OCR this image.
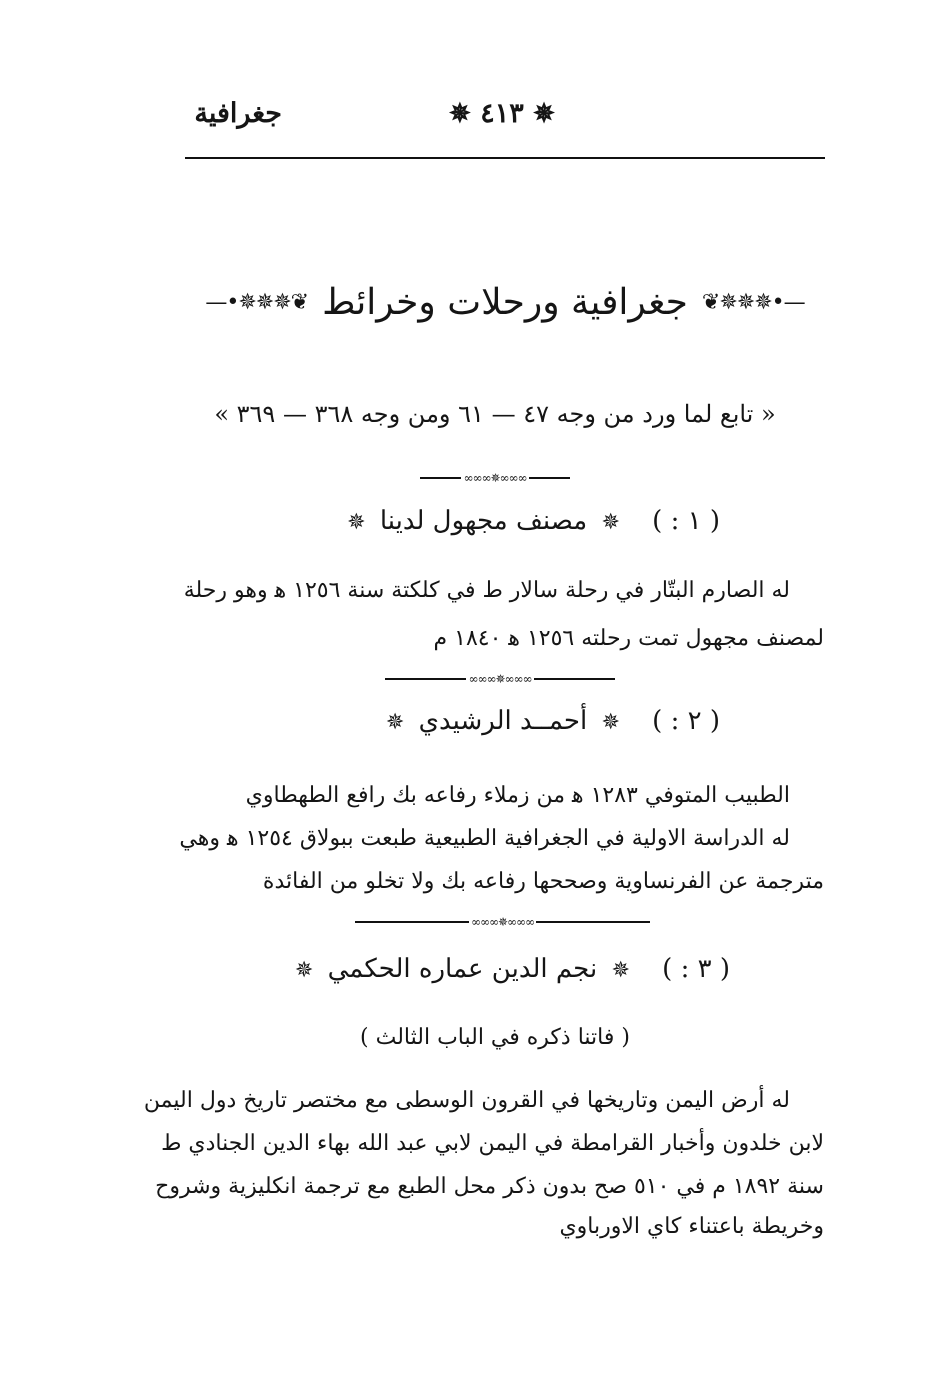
جغرافية	✵ ٤١٣ ✵
—•✵✵✵❦
جغرافية ورحلات وخرائط
❦✵✵✵•—
« تابع لما ورد من وجه ٤٧ — ٦١ ومن وجه ٣٦٨ — ٣٦٩ »
∞∞∞✵∞∞∞
( ١ : ) ✵ مصنف مجهول لدينا ✵
له الصارم البتّار في رحلة سالار ط في كلكتة سنة ١٢٥٦ ﻫ وهو رحلة
لمصنف مجهول تمت رحلته ١٢٥٦ ﻫ ١٨٤٠ م
∞∞∞✵∞∞∞
( ٢ : ) ✵ أحمــد الرشيدي ✵
الطبيب المتوفي ١٢٨٣ ﻫ من زملاء رفاعه بك رافع الطهطاوي
له الدراسة الاولية في الجغرافية الطبيعية طبعت ببولاق ١٢٥٤ ﻫ وهي
مترجمة عن الفرنساوية وصححها رفاعه بك ولا تخلو من الفائدة
∞∞∞✵∞∞∞
( ٣ : ) ✵ نجم الدين عماره الحكمي ✵
( فاتنا ذكره في الباب الثالث )
له أرض اليمن وتاريخها في القرون الوسطى مع مختصر تاريخ دول اليمن
لابن خلدون وأخبار القرامطة في اليمن لابي عبد الله بهاء الدين الجنادي ط
سنة ١٨٩٢ م في ٥١٠ صح بدون ذكر محل الطبع مع ترجمة انكليزية وشروح
وخريطة باعتناء كاي الاورباوي
